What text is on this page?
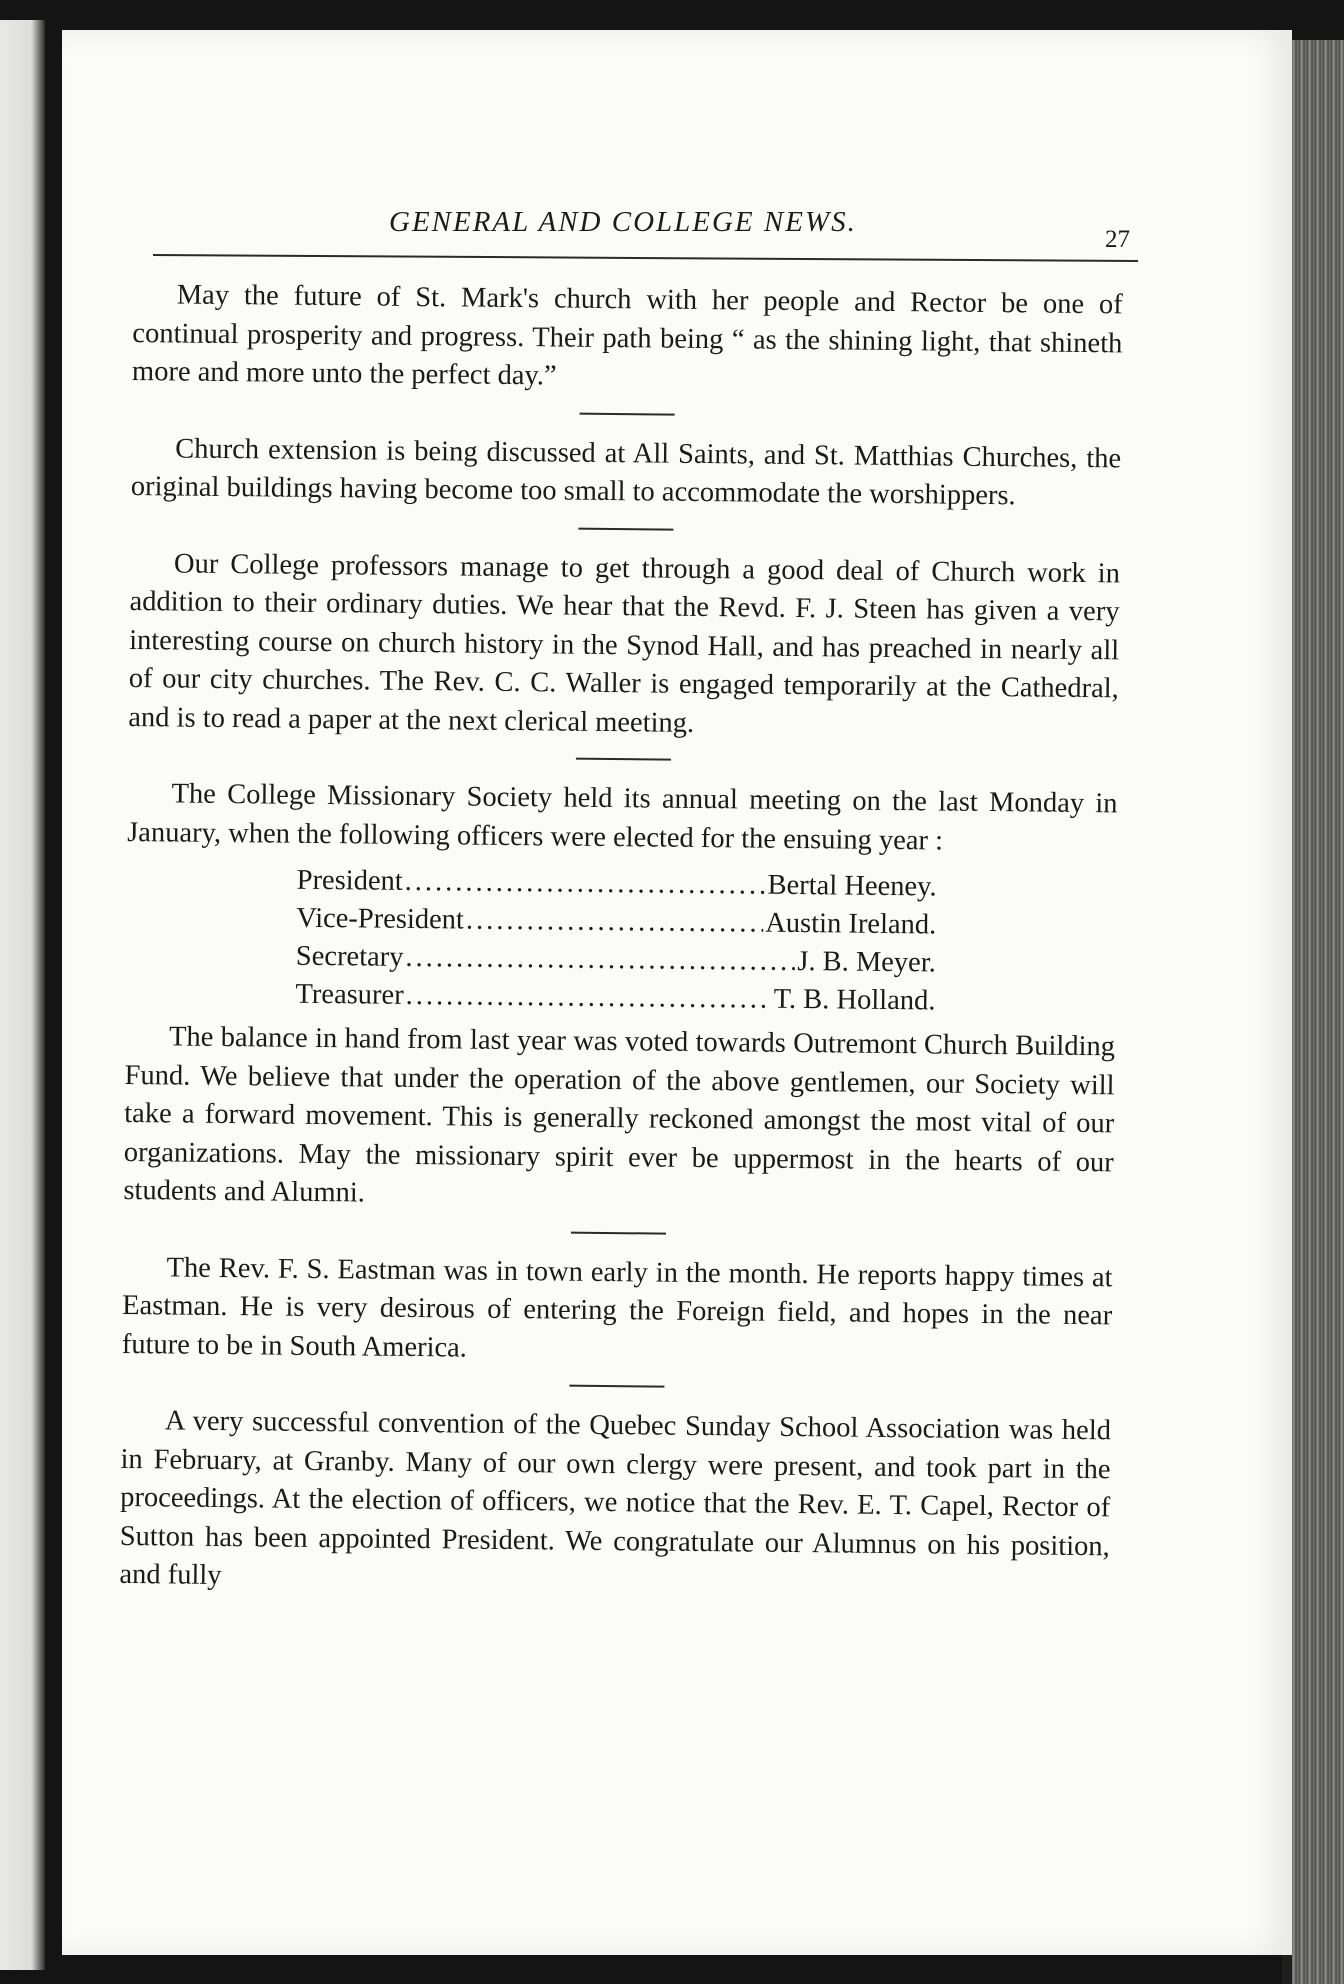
GENERAL AND COLLEGE NEWS.
27

May the future of St. Mark's church with her people and Rector be one of continual prosperity and progress. Their path being “ as the shining light, that shineth more and more unto the perfect day.”

Church extension is being discussed at All Saints, and St. Matthias Churches, the original buildings having become too small to accommodate the worshippers.

Our College professors manage to get through a good deal of Church work in addition to their ordinary duties. We hear that the Revd. F. J. Steen has given a very interesting course on church history in the Synod Hall, and has preached in nearly all of our city churches. The Rev. C. C. Waller is engaged temporarily at the Cathedral, and is to read a paper at the next clerical meeting.

The College Missionary Society held its annual meeting on the last Monday in January, when the following officers were elected for the ensuing year :

President .....	Bertal Heeney.
Vice-President .....	Austin Ireland.
Secretary .....	J. B. Meyer.
Treasurer .....	T. B. Holland.

The balance in hand from last year was voted towards Outremont Church Building Fund. We believe that under the operation of the above gentlemen, our Society will take a forward movement. This is generally reckoned amongst the most vital of our organizations. May the missionary spirit ever be uppermost in the hearts of our students and Alumni.

The Rev. F. S. Eastman was in town early in the month. He reports happy times at Eastman. He is very desirous of entering the Foreign field, and hopes in the near future to be in South America.

A very successful convention of the Quebec Sunday School Association was held in February, at Granby. Many of our own clergy were present, and took part in the proceedings. At the election of officers, we notice that the Rev. E. T. Capel, Rector of Sutton has been appointed President. We congratulate our Alumnus on his position, and fully
